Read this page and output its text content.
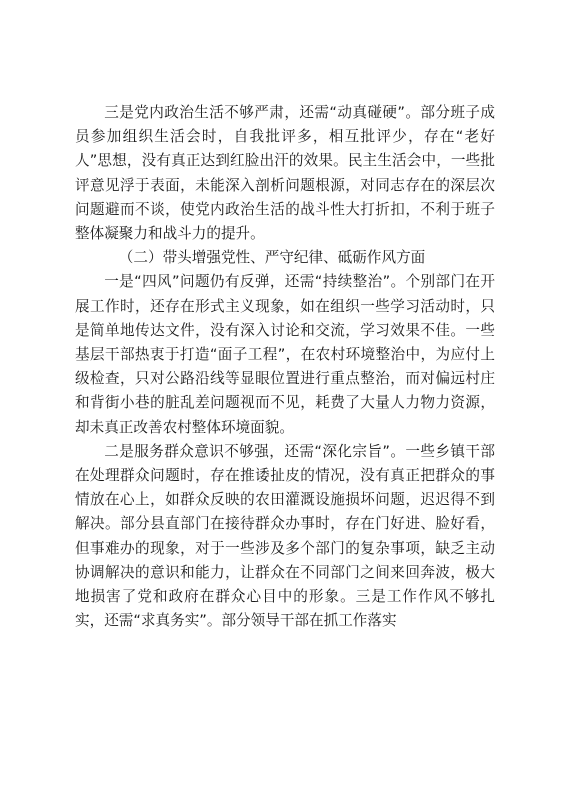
三是党内政治生活不够严肃，还需“动真碰硬”。部分班子成员参加组织生活会时，自我批评多，相互批评少，存在“老好人”思想，没有真正达到红脸出汗的效果。民主生活会中，一些批评意见浮于表面，未能深入剖析问题根源，对同志存在的深层次问题避而不谈，使党内政治生活的战斗性大打折扣，不利于班子整体凝聚力和战斗力的提升。

（二）带头增强党性、严守纪律、砥砺作风方面

一是“四风”问题仍有反弹，还需“持续整治”。个别部门在开展工作时，还存在形式主义现象，如在组织一些学习活动时，只是简单地传达文件，没有深入讨论和交流，学习效果不佳。一些基层干部热衷于打造“面子工程”，在农村环境整治中，为应付上级检查，只对公路沿线等显眼位置进行重点整治，而对偏远村庄和背街小巷的脏乱差问题视而不见，耗费了大量人力物力资源，却未真正改善农村整体环境面貌。

二是服务群众意识不够强，还需“深化宗旨”。一些乡镇干部在处理群众问题时，存在推诿扯皮的情况，没有真正把群众的事情放在心上，如群众反映的农田灌溉设施损坏问题，迟迟得不到解决。部分县直部门在接待群众办事时，存在门好进、脸好看，但事难办的现象，对于一些涉及多个部门的复杂事项，缺乏主动协调解决的意识和能力，让群众在不同部门之间来回奔波，极大地损害了党和政府在群众心目中的形象。三是工作作风不够扎实，还需“求真务实”。部分领导干部在抓工作落实
